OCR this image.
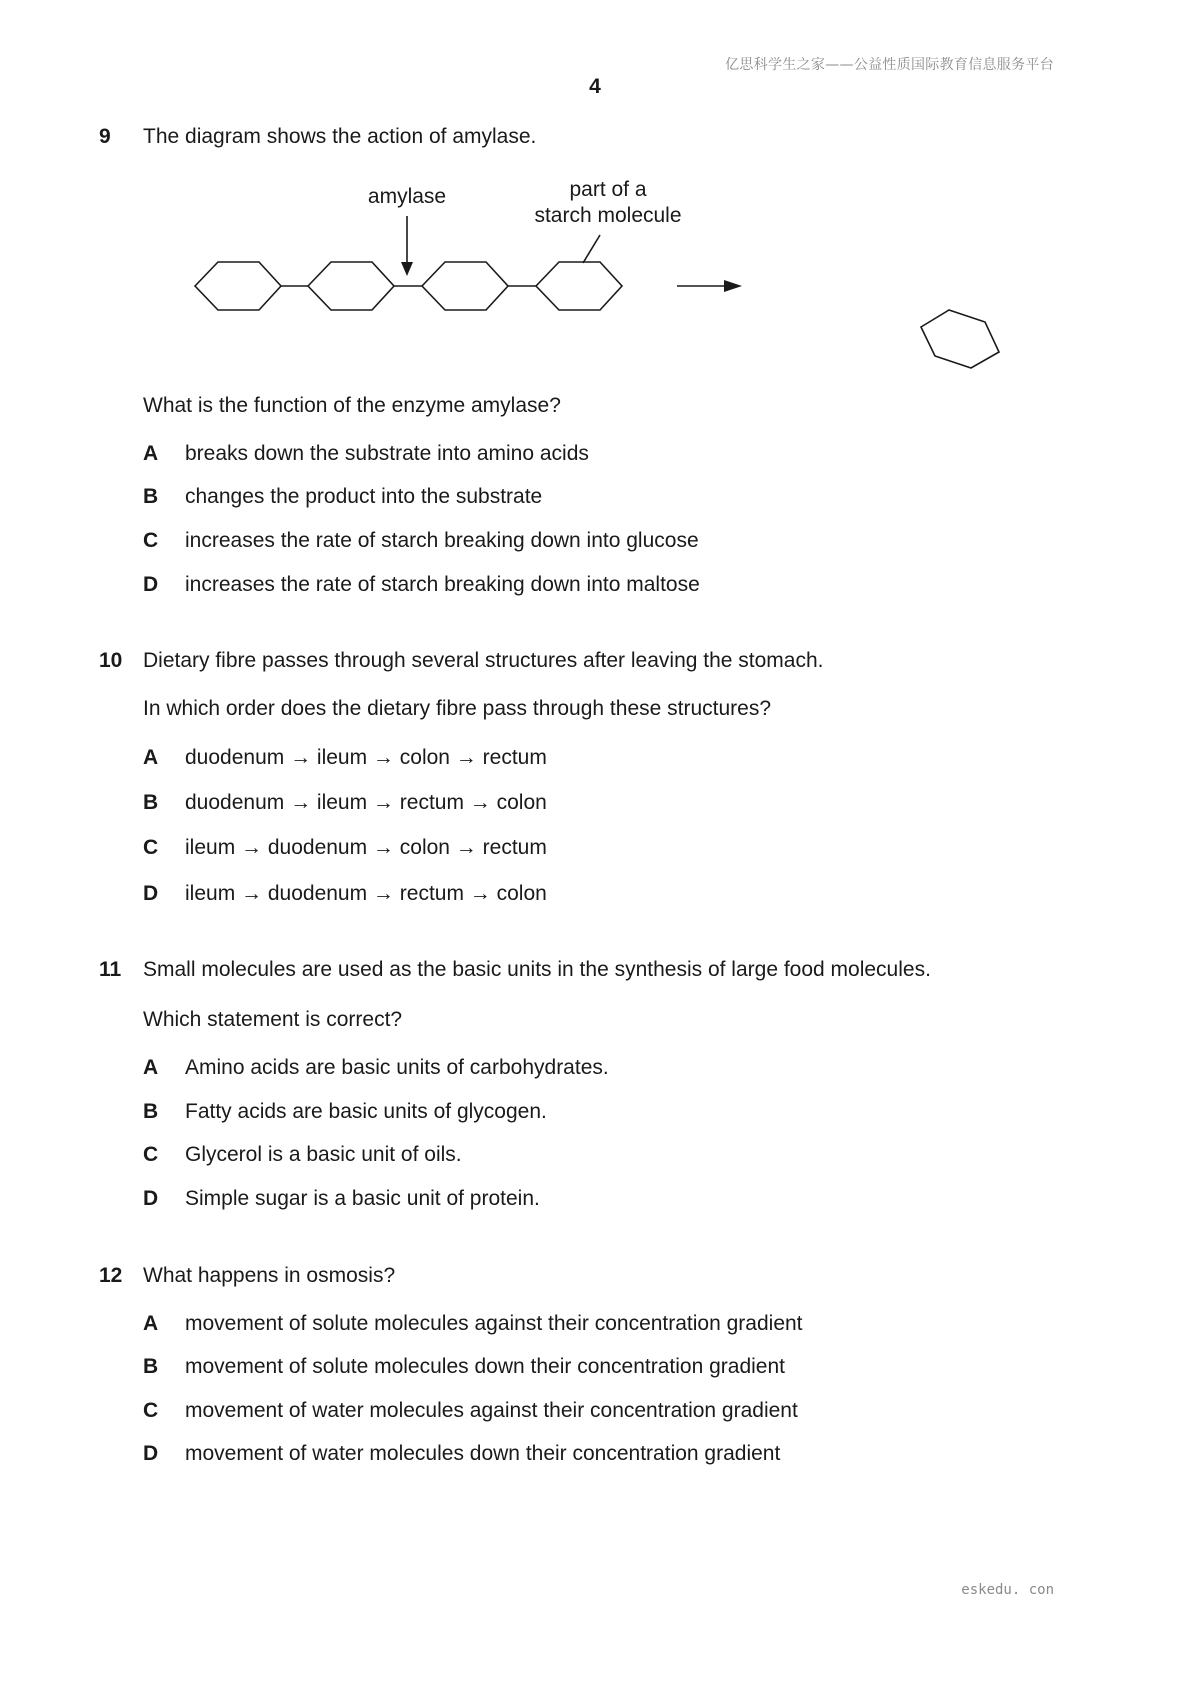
亿思科学生之家——公益性质国际教育信息服务平台
4
9 The diagram shows the action of amylase.
amylase	part of a
starch molecule
What is the function of the enzyme amylase?
A breaks down the substrate into amino acids
B changes the product into the substrate
C increases the rate of starch breaking down into glucose
D increases the rate of starch breaking down into maltose
10 Dietary fibre passes through several structures after leaving the stomach.
In which order does the dietary fibre pass through these structures?
A duodenum → ileum → colon → rectum
B duodenum → ileum → rectum → colon
C ileum → duodenum → colon → rectum
D ileum → duodenum → rectum → colon
11 Small molecules are used as the basic units in the synthesis of large food molecules.
Which statement is correct?
A Amino acids are basic units of carbohydrates.
B Fatty acids are basic units of glycogen.
C Glycerol is a basic unit of oils.
D Simple sugar is a basic unit of protein.
12 What happens in osmosis?
A movement of solute molecules against their concentration gradient
B movement of solute molecules down their concentration gradient
C movement of water molecules against their concentration gradient
D movement of water molecules down their concentration gradient
eskedu. con
